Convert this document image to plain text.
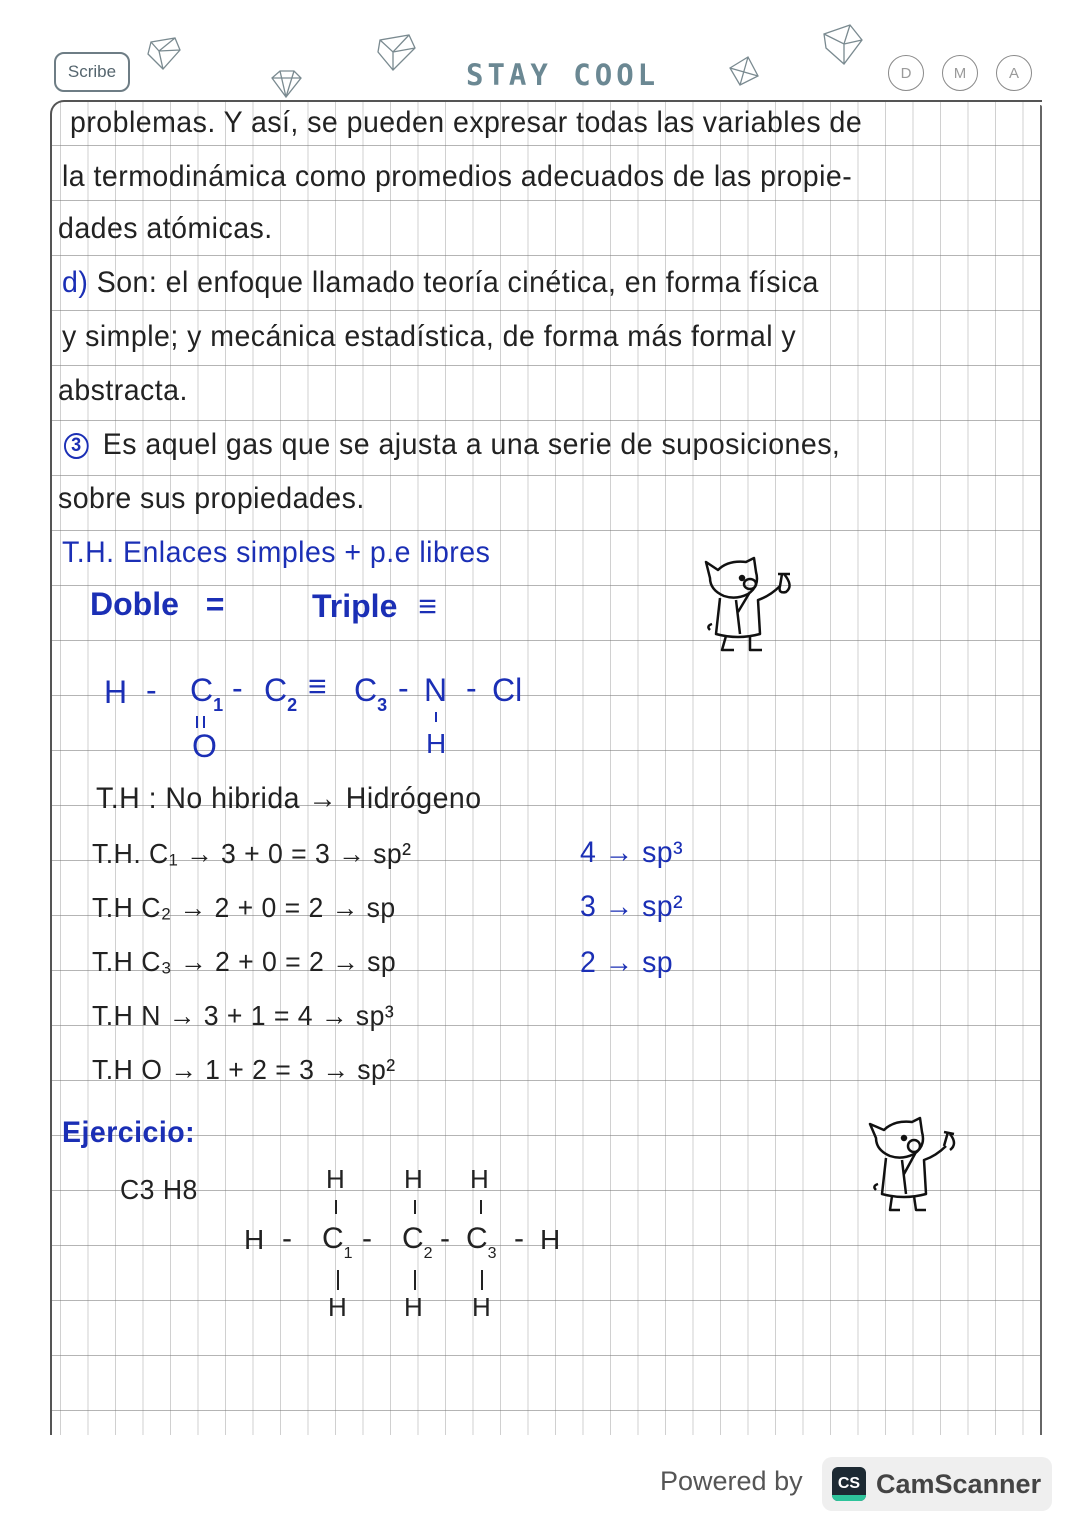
Scribe	STAY COOL	D	M	A
problemas. Y así, se pueden expresar todas las variables de
la termodinámica como promedios adecuados de las propie-
dades atómicas.
d) Son: el enfoque llamado teoría cinética, en forma física
y simple; y mecánica estadística, de forma más formal y
abstracta.
3 Es aquel gas que se ajusta a una serie de suposiciones,
sobre sus propiedades.
T.H. Enlaces simples + p.e libres
Doble =	Triple ≡
H - $C_1 - C_2$
≡ $C_3$ - N - Cl
O	H
T.H : No hibrida → Hidrógeno
T.H. C₁ → 3 + 0 = 3 → sp²
T.H C₂ → 2 + 0 = 2 → sp
T.H C₃ → 2 + 0 = 2 → sp
T.H N → 3 + 1 = 4 → sp³
T.H O → 1 + 2 = 3 → sp²
4 → sp³
3 → sp²
2 → sp
Ejercicio:
C3 H8	H H H
H - $C_1 - C_2 - C_3$ - H
H H H
Powered by	CS CamScanner
